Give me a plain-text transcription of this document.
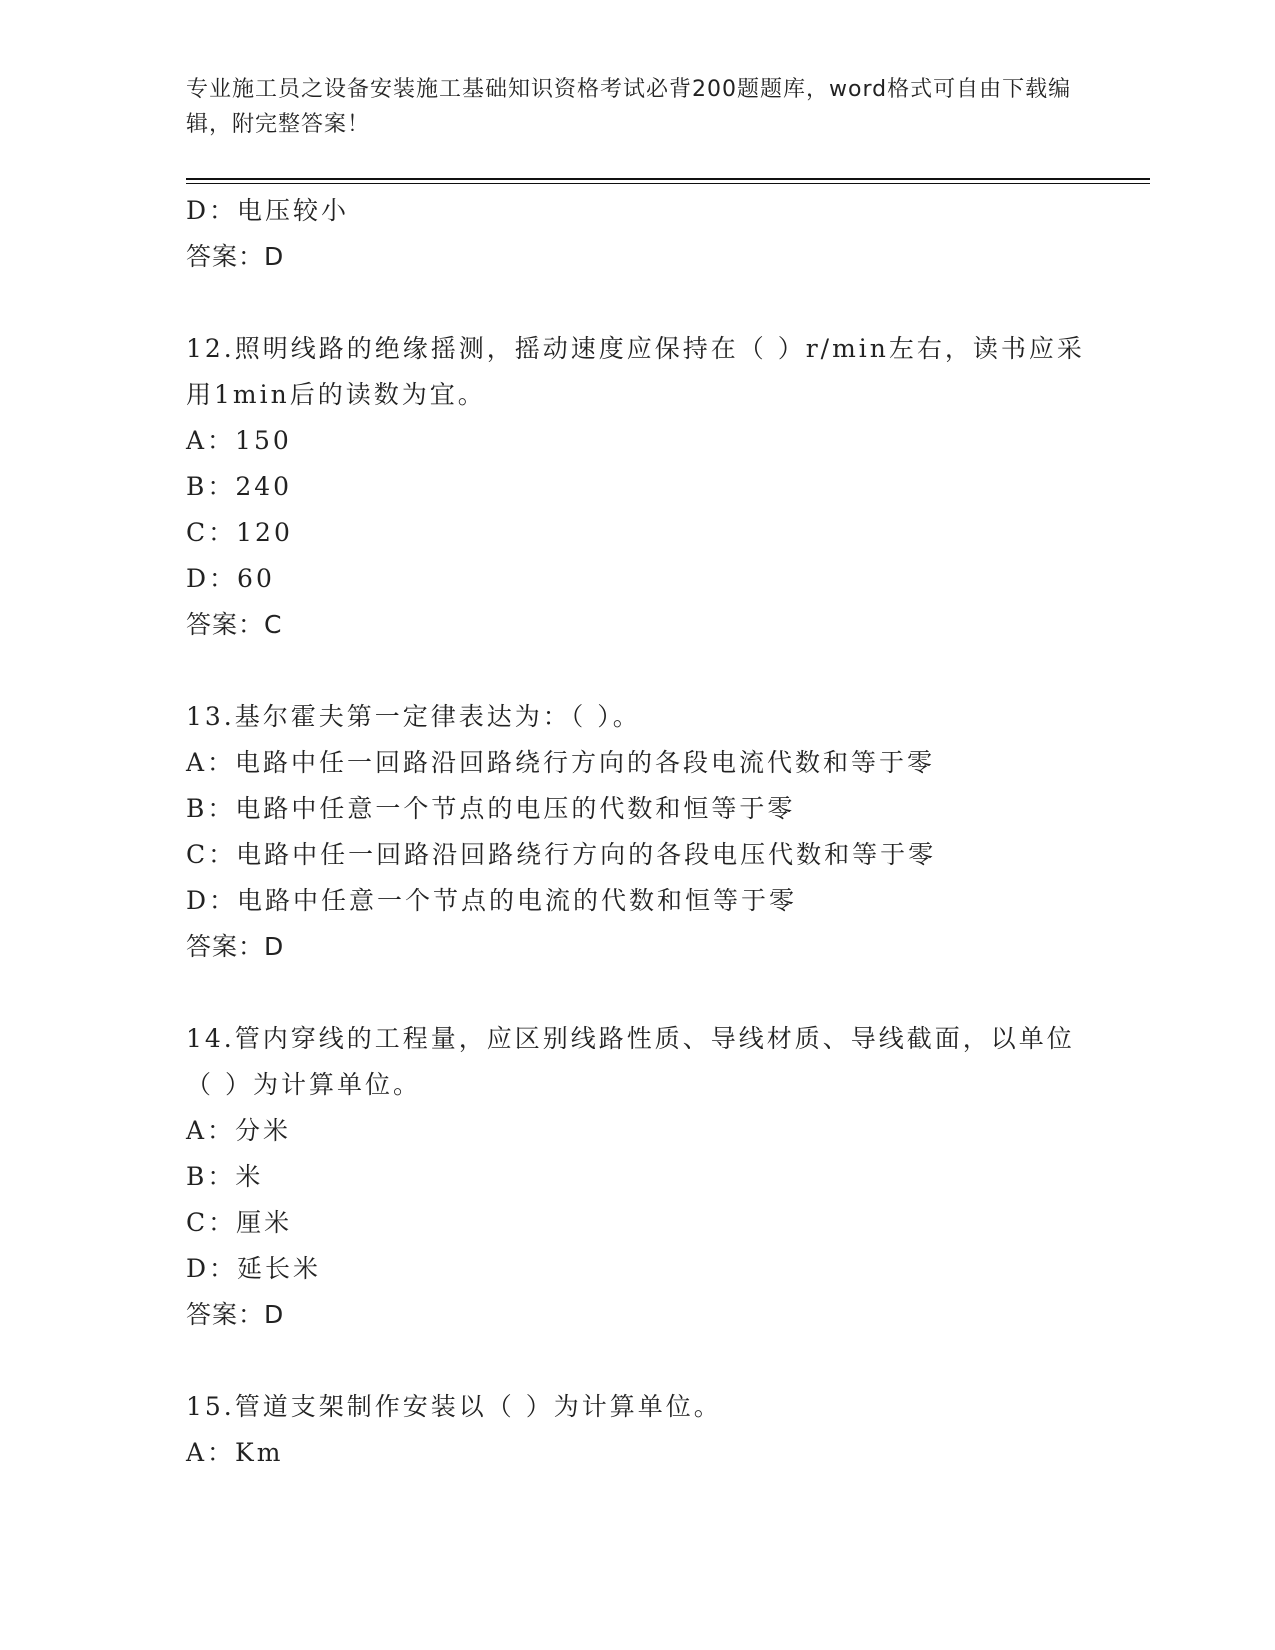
专业施工员之设备安装施工基础知识资格考试必背200题题库，word格式可自由下载编辑，附完整答案！
D：电压较小
答案：D
12.照明线路的绝缘摇测，摇动速度应保持在（ ）r/min左右，读书应采用1min后的读数为宜。
A：150
B：240
C：120
D：60
答案：C
13.基尔霍夫第一定律表达为：（ ）。
A：电路中任一回路沿回路绕行方向的各段电流代数和等于零
B：电路中任意一个节点的电压的代数和恒等于零
C：电路中任一回路沿回路绕行方向的各段电压代数和等于零
D：电路中任意一个节点的电流的代数和恒等于零
答案：D
14.管内穿线的工程量，应区别线路性质、导线材质、导线截面，以单位（ ）为计算单位。
A：分米
B：米
C：厘米
D：延长米
答案：D
15.管道支架制作安装以（ ）为计算单位。
A：Km
